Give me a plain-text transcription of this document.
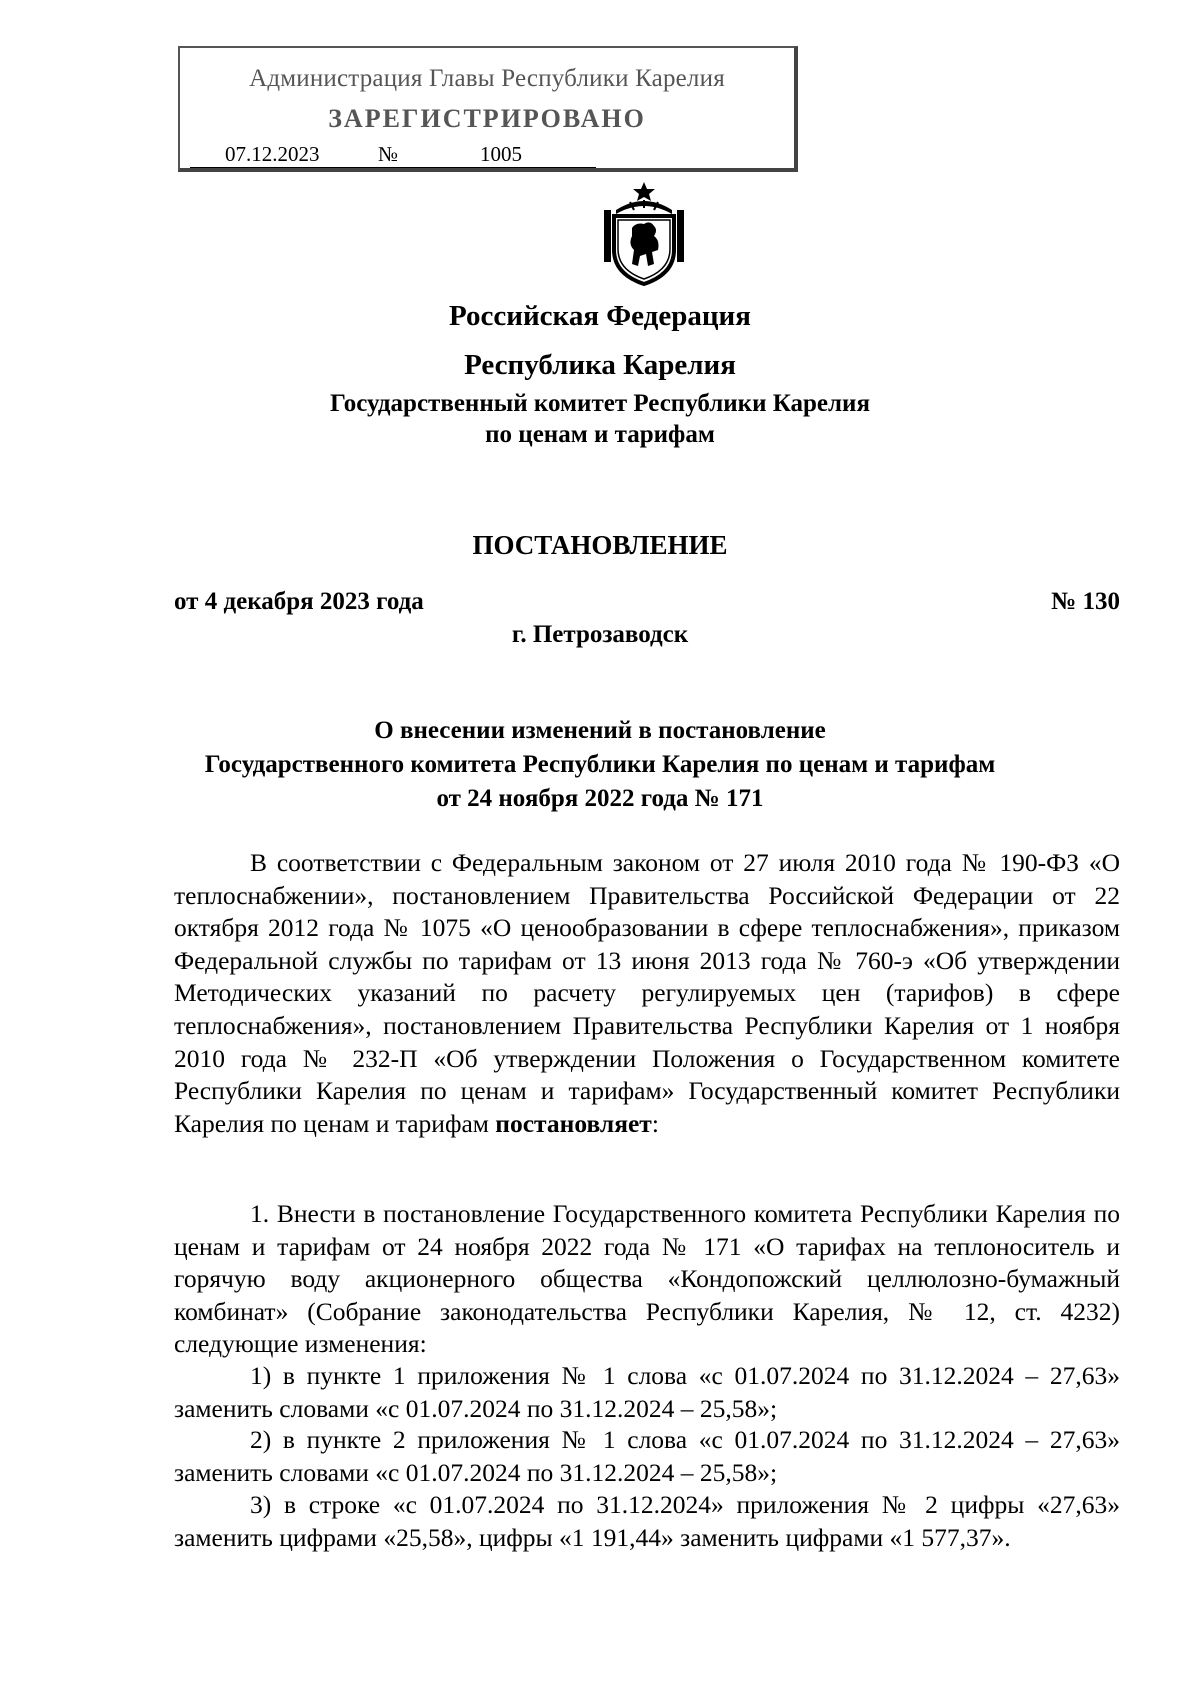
Администрация Главы Республики Карелия
ЗАРЕГИСТРИРОВАНО
07.12.2023	№	1005
Российская Федерация
Республика Карелия
Государственный комитет Республики Карелия
по ценам и тарифам
ПОСТАНОВЛЕНИЕ
от 4 декабря 2023 года	№ 130
г. Петрозаводск
О внесении изменений в постановление
Государственного комитета Республики Карелия по ценам и тарифам
от 24 ноября 2022 года № 171

В соответствии с Федеральным законом от 27 июля 2010 года № 190-ФЗ «О теплоснабжении», постановлением Правительства Российской Федерации от 22 октября 2012 года № 1075 «О ценообразовании в сфере теплоснабжения», приказом Федеральной службы по тарифам от 13 июня 2013 года № 760-э «Об утверждении Методических указаний по расчету регулируемых цен (тарифов) в сфере теплоснабжения», постановлением Правительства Республики Карелия от 1 ноября 2010 года № 232-П «Об утверждении Положения о Государственном комитете Республики Карелия по ценам и тарифам» Государственный комитет Республики Карелия по ценам и тарифам постановляет:

1. Внести в постановление Государственного комитета Республики Карелия по ценам и тарифам от 24 ноября 2022 года № 171 «О тарифах на теплоноситель и горячую воду акционерного общества «Кондопожский целлюлозно-бумажный комбинат» (Собрание законодательства Республики Карелия, № 12, ст. 4232) следующие изменения:

1) в пункте 1 приложения № 1 слова «с 01.07.2024 по 31.12.2024 – 27,63» заменить словами «с 01.07.2024 по 31.12.2024 – 25,58»;

2) в пункте 2 приложения № 1 слова «с 01.07.2024 по 31.12.2024 – 27,63» заменить словами «с 01.07.2024 по 31.12.2024 – 25,58»;

3) в строке «с 01.07.2024 по 31.12.2024» приложения № 2 цифры «27,63» заменить цифрами «25,58», цифры «1 191,44» заменить цифрами «1 577,37».
